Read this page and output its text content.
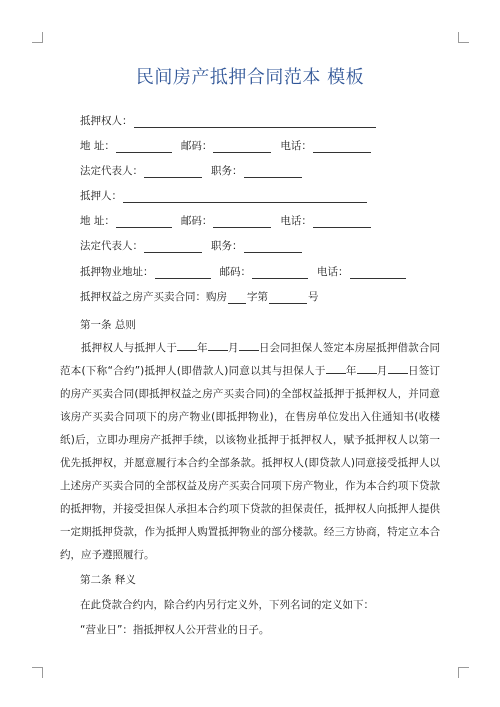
民间房产抵押合同范本 模板
抵押权人：
地 址：	邮码：	电话：
法定代表人：	职务：
抵押人：
地 址：	邮码：	电话：
法定代表人：	职务：
抵押物业地址：	邮码：	电话：
抵押权益之房产买卖合同：购房 字第	号
第一条 总则
抵押权人与抵押人于 年 月 日会同担保人签定本房屋抵押借款合同范本(下称“合约”)抵押人(即借款人)同意以其与担保人于 年 月 日签订的房产买卖合同(即抵押权益之房产买卖合同)的全部权益抵押于抵押权人，并同意该房产买卖合同项下的房产物业(即抵押物业)，在售房单位发出入住通知书(收楼纸)后，立即办理房产抵押手续，以该物业抵押于抵押权人，赋予抵押权人以第一优先抵押权，并愿意履行本合约全部条款。抵押权人(即贷款人)同意接受抵押人以上述房产买卖合同的全部权益及房产买卖合同项下房产物业，作为本合约项下贷款的抵押物，并接受担保人承担本合约项下贷款的担保责任，抵押权人向抵押人提供一定期抵押贷款，作为抵押人购置抵押物业的部分楼款。经三方协商，特定立本合约，应予遵照履行。
第二条 释义
在此贷款合约内，除合约内另行定义外，下列名词的定义如下：
“营业日”：指抵押权人公开营业的日子。
